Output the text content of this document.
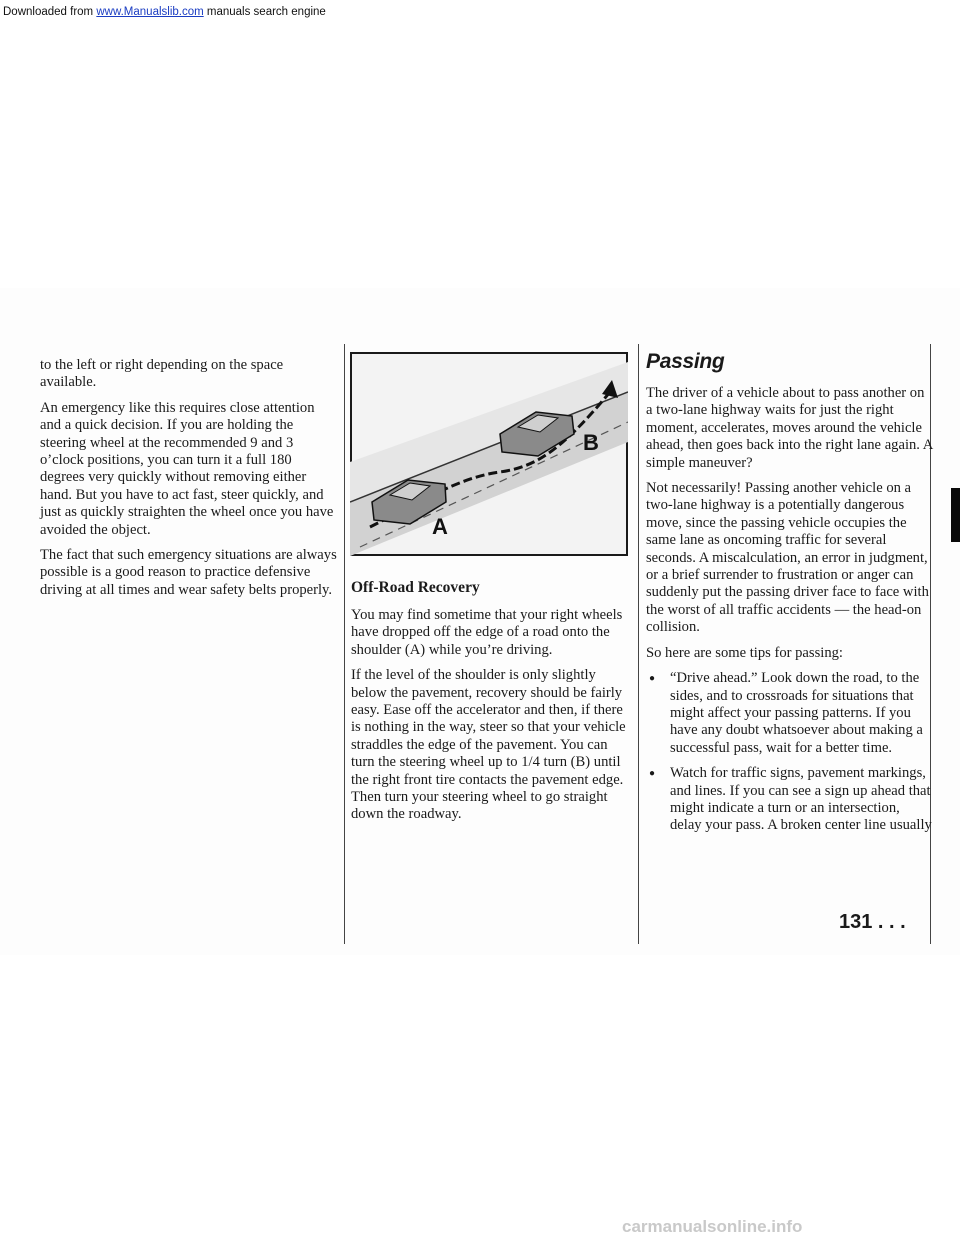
Downloaded from www.Manualslib.com manuals search engine

to the left or right depending on the space available.

An emergency like this requires close attention and a quick decision. If you are holding the steering wheel at the recommended 9 and 3 o’clock positions, you can turn it a full 180 degrees very quickly without removing either hand. But you have to act fast, steer quickly, and just as quickly straighten the wheel once you have avoided the object.

The fact that such emergency situations are always possible is a good reason to practice defensive driving at all times and wear safety belts properly.

A
B
Off-Road Recovery

You may find sometime that your right wheels have dropped off the edge of a road onto the shoulder (A) while you’re driving.

If the level of the shoulder is only slightly below the pavement, recovery should be fairly easy. Ease off the accelerator and then, if there is nothing in the way, steer so that your vehicle straddles the edge of the pavement. You can turn the steering wheel up to 1/4 turn (B) until the right front tire contacts the pavement edge. Then turn your steering wheel to go straight down the roadway.

Passing

The driver of a vehicle about to pass another on a two-lane highway waits for just the right moment, accelerates, moves around the vehicle ahead, then goes back into the right lane again. A simple maneuver?

Not necessarily! Passing another vehicle on a two-lane highway is a potentially dangerous move, since the passing vehicle occupies the same lane as oncoming traffic for several seconds. A miscalculation, an error in judgment, or a brief surrender to frustration or anger can suddenly put the passing driver face to face with the worst of all traffic accidents — the head-on collision.

So here are some tips for passing:

● “Drive ahead.” Look down the road, to the sides, and to crossroads for situations that might affect your passing patterns. If you have any doubt whatsoever about making a successful pass, wait for a better time.
● Watch for traffic signs, pavement markings, and lines. If you can see a sign up ahead that might indicate a turn or an intersection, delay your pass. A broken center line usually

131 . . .

carmanualsonline.info
